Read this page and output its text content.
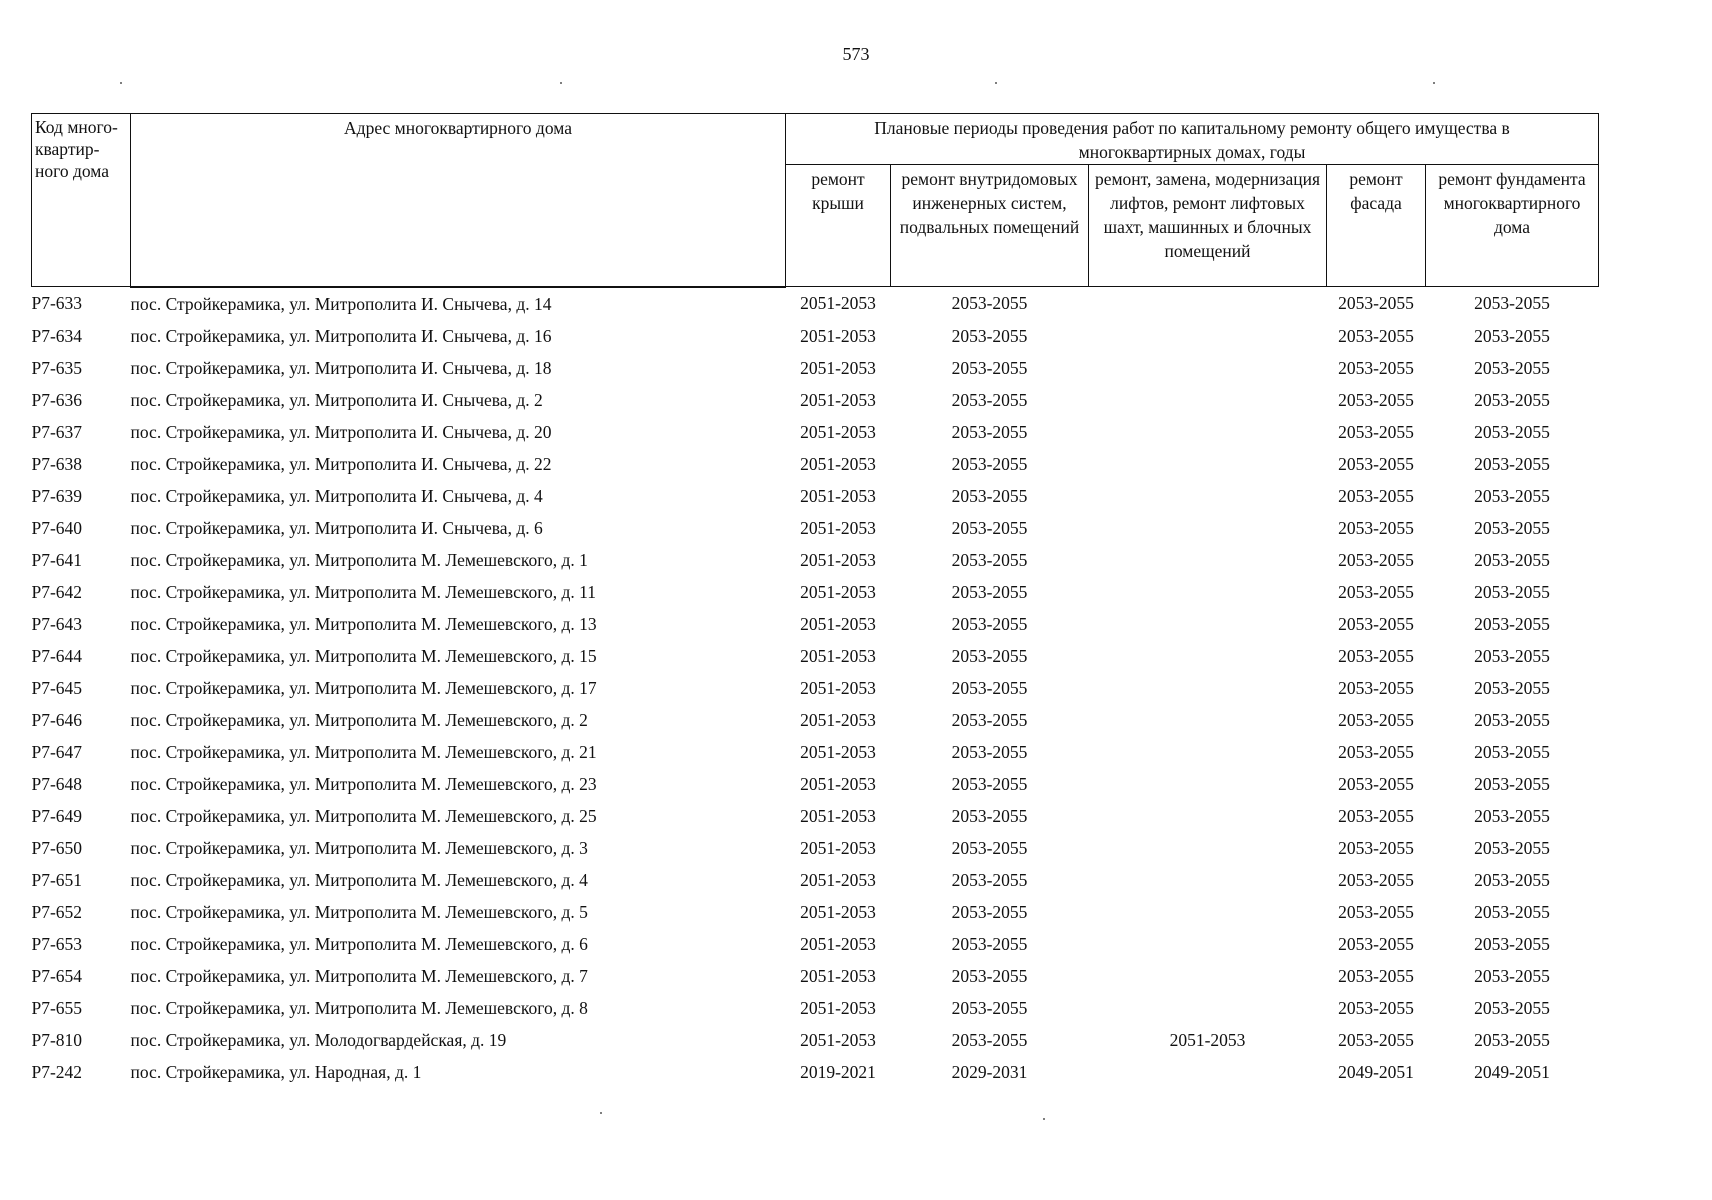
573
Код много-квартир-ного дома	Адрес многоквартирного дома	Плановые периоды проведения работ по капитальному ремонту общего имущества в многоквартирных домах, годы				
		ремонт крыши	ремонт внутридомовых инженерных систем, подвальных помещений	ремонт, замена, модернизация лифтов, ремонт лифтовых шахт, машинных и блочных помещений	ремонт фасада	ремонт фундамента многоквартирного дома
Р7-633	пос. Стройкерамика, ул. Митрополита И. Снычева, д. 14	2051-2053	2053-2055		2053-2055	2053-2055
Р7-634	пос. Стройкерамика, ул. Митрополита И. Снычева, д. 16	2051-2053	2053-2055		2053-2055	2053-2055
Р7-635	пос. Стройкерамика, ул. Митрополита И. Снычева, д. 18	2051-2053	2053-2055		2053-2055	2053-2055
Р7-636	пос. Стройкерамика, ул. Митрополита И. Снычева, д. 2	2051-2053	2053-2055		2053-2055	2053-2055
Р7-637	пос. Стройкерамика, ул. Митрополита И. Снычева, д. 20	2051-2053	2053-2055		2053-2055	2053-2055
Р7-638	пос. Стройкерамика, ул. Митрополита И. Снычева, д. 22	2051-2053	2053-2055		2053-2055	2053-2055
Р7-639	пос. Стройкерамика, ул. Митрополита И. Снычева, д. 4	2051-2053	2053-2055		2053-2055	2053-2055
Р7-640	пос. Стройкерамика, ул. Митрополита И. Снычева, д. 6	2051-2053	2053-2055		2053-2055	2053-2055
Р7-641	пос. Стройкерамика, ул. Митрополита М. Лемешевского, д. 1	2051-2053	2053-2055		2053-2055	2053-2055
Р7-642	пос. Стройкерамика, ул. Митрополита М. Лемешевского, д. 11	2051-2053	2053-2055		2053-2055	2053-2055
Р7-643	пос. Стройкерамика, ул. Митрополита М. Лемешевского, д. 13	2051-2053	2053-2055		2053-2055	2053-2055
Р7-644	пос. Стройкерамика, ул. Митрополита М. Лемешевского, д. 15	2051-2053	2053-2055		2053-2055	2053-2055
Р7-645	пос. Стройкерамика, ул. Митрополита М. Лемешевского, д. 17	2051-2053	2053-2055		2053-2055	2053-2055
Р7-646	пос. Стройкерамика, ул. Митрополита М. Лемешевского, д. 2	2051-2053	2053-2055		2053-2055	2053-2055
Р7-647	пос. Стройкерамика, ул. Митрополита М. Лемешевского, д. 21	2051-2053	2053-2055		2053-2055	2053-2055
Р7-648	пос. Стройкерамика, ул. Митрополита М. Лемешевского, д. 23	2051-2053	2053-2055		2053-2055	2053-2055
Р7-649	пос. Стройкерамика, ул. Митрополита М. Лемешевского, д. 25	2051-2053	2053-2055		2053-2055	2053-2055
Р7-650	пос. Стройкерамика, ул. Митрополита М. Лемешевского, д. 3	2051-2053	2053-2055		2053-2055	2053-2055
Р7-651	пос. Стройкерамика, ул. Митрополита М. Лемешевского, д. 4	2051-2053	2053-2055		2053-2055	2053-2055
Р7-652	пос. Стройкерамика, ул. Митрополита М. Лемешевского, д. 5	2051-2053	2053-2055		2053-2055	2053-2055
Р7-653	пос. Стройкерамика, ул. Митрополита М. Лемешевского, д. 6	2051-2053	2053-2055		2053-2055	2053-2055
Р7-654	пос. Стройкерамика, ул. Митрополита М. Лемешевского, д. 7	2051-2053	2053-2055		2053-2055	2053-2055
Р7-655	пос. Стройкерамика, ул. Митрополита М. Лемешевского, д. 8	2051-2053	2053-2055		2053-2055	2053-2055
Р7-810	пос. Стройкерамика, ул. Молодогвардейская, д. 19	2051-2053	2053-2055	2051-2053	2053-2055	2053-2055
Р7-242	пос. Стройкерамика, ул. Народная, д. 1	2019-2021	2029-2031		2049-2051	2049-2051
